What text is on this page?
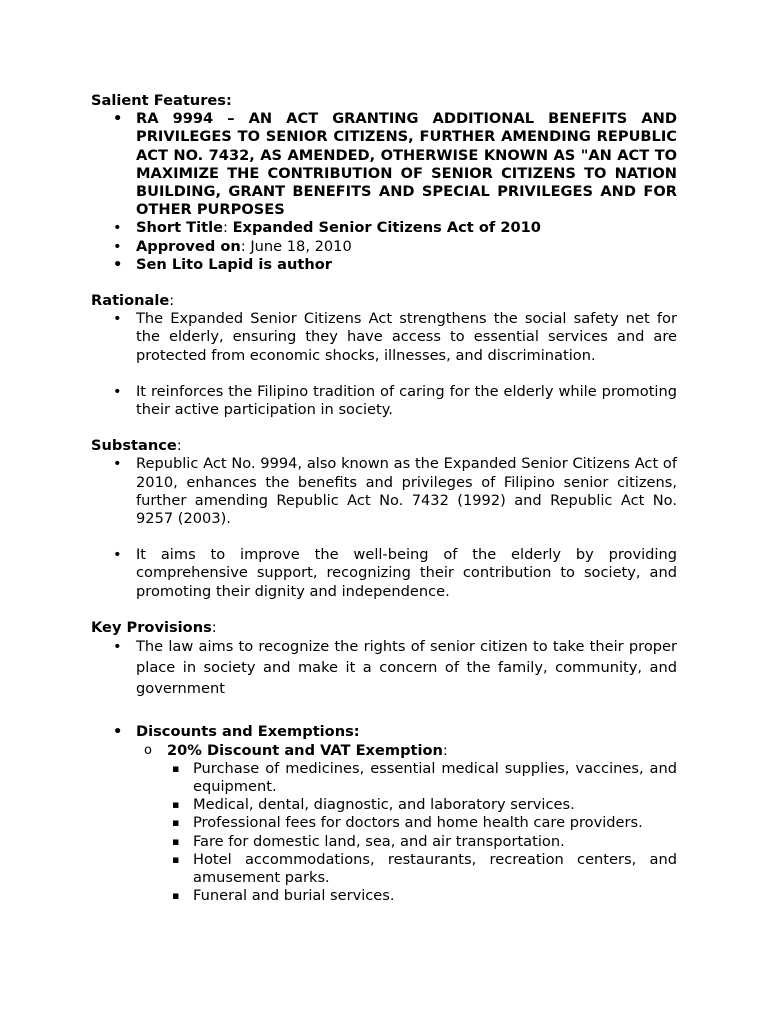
Salient Features:

• RA 9994 – AN ACT GRANTING ADDITIONAL BENEFITS AND PRIVILEGES TO SENIOR CITIZENS, FURTHER AMENDING REPUBLIC ACT NO. 7432, AS AMENDED, OTHERWISE KNOWN AS "AN ACT TO MAXIMIZE THE CONTRIBUTION OF SENIOR CITIZENS TO NATION BUILDING, GRANT BENEFITS AND SPECIAL PRIVILEGES AND FOR OTHER PURPOSES
• Short Title: Expanded Senior Citizens Act of 2010
• Approved on: June 18, 2010
• Sen Lito Lapid is author

Rationale:

• The Expanded Senior Citizens Act strengthens the social safety net for the elderly, ensuring they have access to essential services and are protected from economic shocks, illnesses, and discrimination.
• It reinforces the Filipino tradition of caring for the elderly while promoting their active participation in society.

Substance:

• Republic Act No. 9994, also known as the Expanded Senior Citizens Act of 2010, enhances the benefits and privileges of Filipino senior citizens, further amending Republic Act No. 7432 (1992) and Republic Act No. 9257 (2003).
• It aims to improve the well-being of the elderly by providing comprehensive support, recognizing their contribution to society, and promoting their dignity and independence.

Key Provisions:

• The law aims to recognize the rights of senior citizen to take their proper place in society and make it a concern of the family, community, and government
• Discounts and Exemptions:
o 20% Discount and VAT Exemption:
▪ Purchase of medicines, essential medical supplies, vaccines, and equipment.
▪ Medical, dental, diagnostic, and laboratory services.
▪ Professional fees for doctors and home health care providers.
▪ Fare for domestic land, sea, and air transportation.
▪ Hotel accommodations, restaurants, recreation centers, and amusement parks.
▪ Funeral and burial services.
